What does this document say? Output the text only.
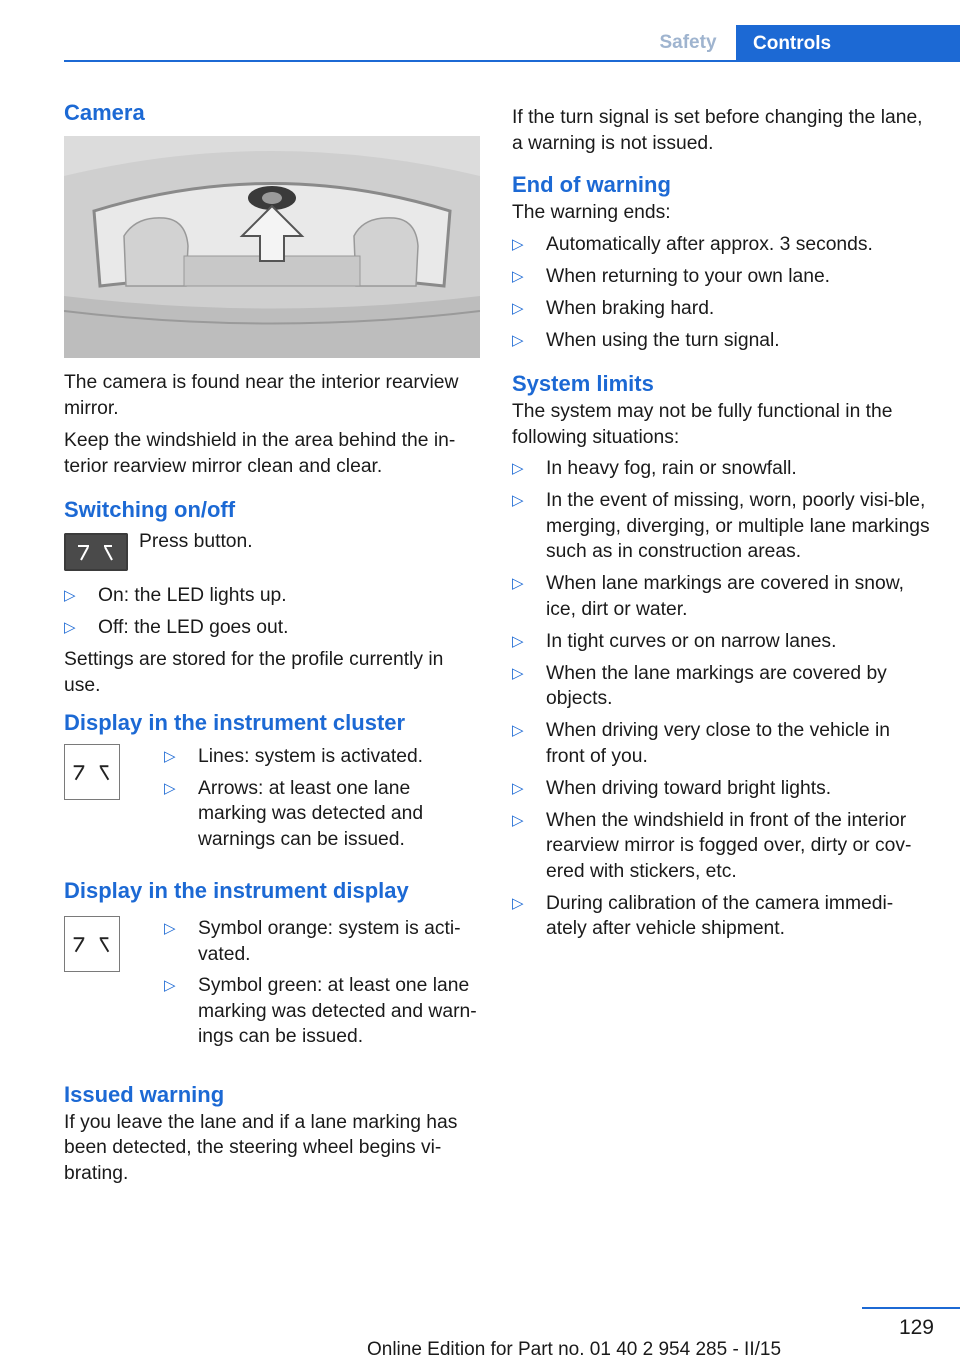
Safety	Controls
Camera

The camera is found near the interior rearview mirror.

Keep the windshield in the area behind the in‐terior rearview mirror clean and clear.

Switching on/off
Press button.
▷ On: the LED lights up.
▷ Off: the LED goes out.

Settings are stored for the profile currently in use.

Display in the instrument cluster
▷ Lines: system is activated.
▷ Arrows: at least one lane marking was detected and warnings can be issued.
Display in the instrument display
▷ Symbol orange: system is acti‐vated.
▷ Symbol green: at least one lane marking was detected and warn‐ings can be issued.
Issued warning

If you leave the lane and if a lane marking has been detected, the steering wheel begins vi‐brating.

If the turn signal is set before changing the lane, a warning is not issued.

End of warning

The warning ends:

▷ Automatically after approx. 3 seconds.
▷ When returning to your own lane.
▷ When braking hard.
▷ When using the turn signal.
System limits

The system may not be fully functional in the following situations:

▷ In heavy fog, rain or snowfall.
▷ In the event of missing, worn, poorly visi‐ble, merging, diverging, or multiple lane markings such as in construction areas.
▷ When lane markings are covered in snow, ice, dirt or water.
▷ In tight curves or on narrow lanes.
▷ When the lane markings are covered by objects.
▷ When driving very close to the vehicle in front of you.
▷ When driving toward bright lights.
▷ When the windshield in front of the interior rearview mirror is fogged over, dirty or cov‐ered with stickers, etc.
▷ During calibration of the camera immedi‐ately after vehicle shipment.
129
Online Edition for Part no. 01 40 2 954 285 - II/15
